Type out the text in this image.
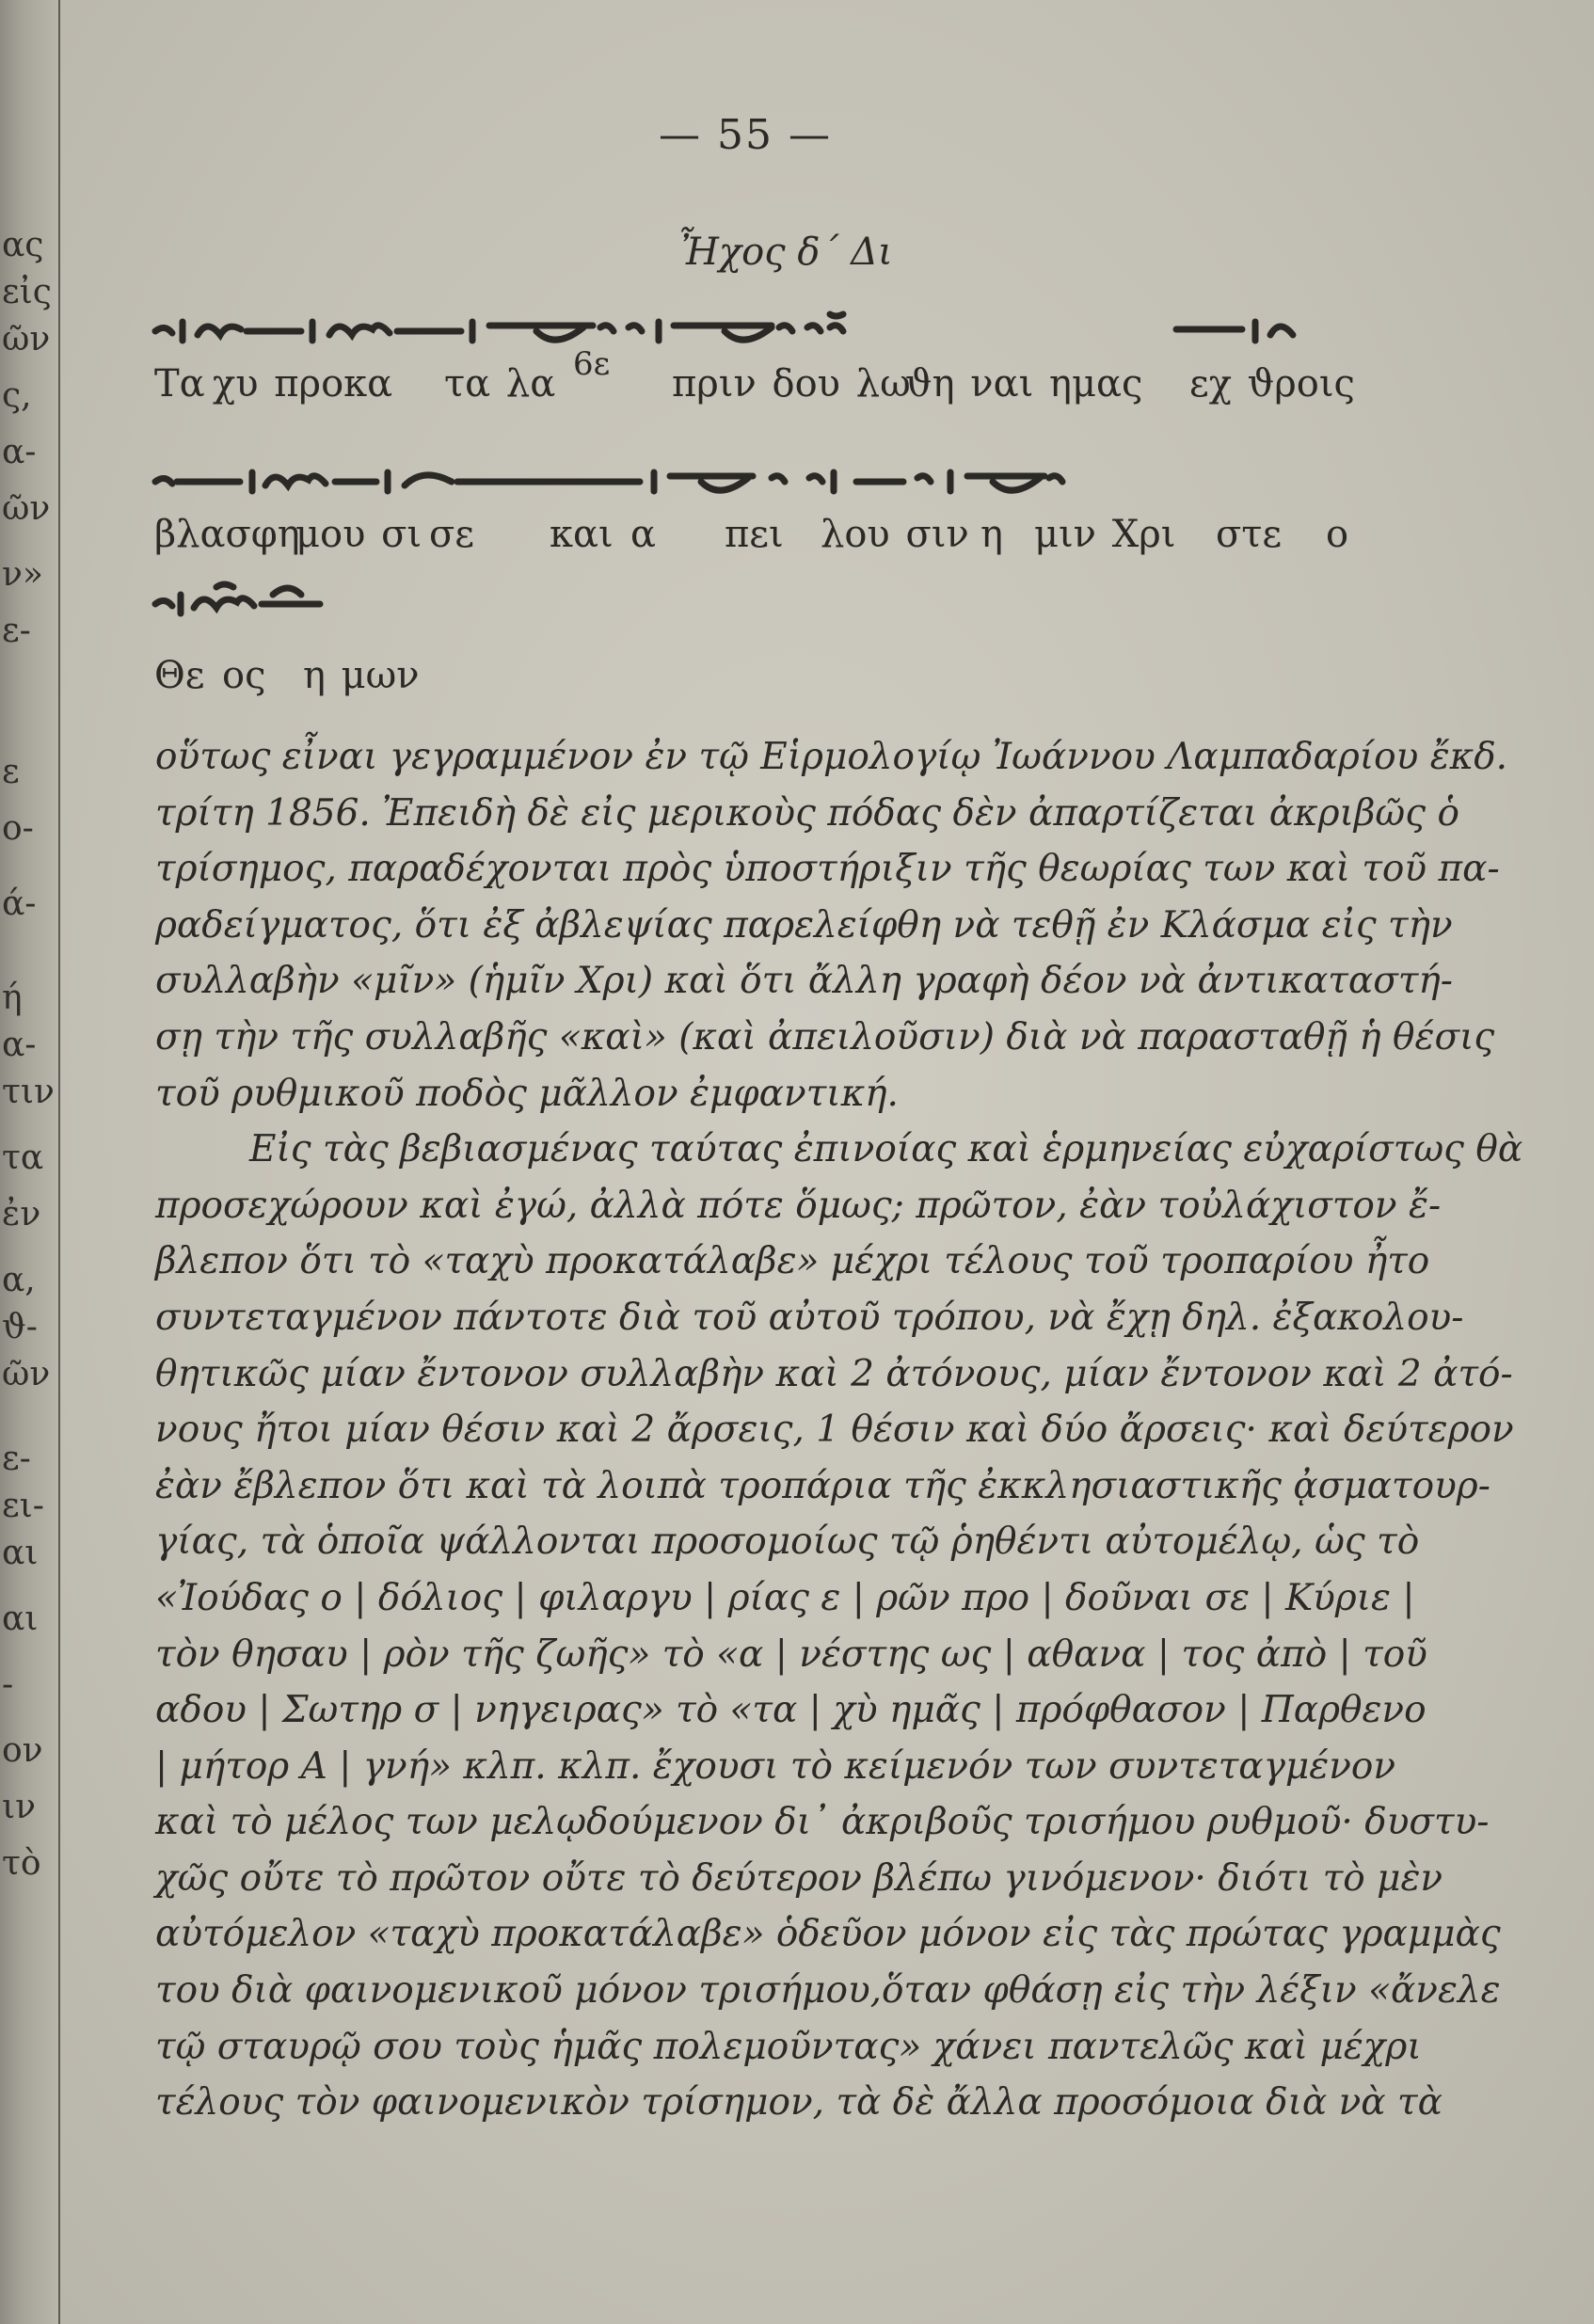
ας
εἰς
ῶν
ς,
α-
ῶν
ν»
ε-
ε
ο-
ά-
ή
α-
τιν
τα
ἐν
α,
ϑ-
ῶν
ε-
ει-
αι
αι
-
ον
ιν
τὸ
— 55 —
Ἦχος δ΄ Δι
Τα χυ προκα τα λα 6ε πριν δου λω
ϑη ναι ημας εχ ϑροις
βλασφη
μου σι σε και α πει λου σιν η μιν Χρι στε ο
Θε ος η μων
οὕτως εἶναι γεγραμμένον ἐν τῷ Εἱρμολογίῳ Ἰωάννου Λαμπαδαρίου ἔκδ.
τρίτη 1856. Ἐπειδὴ δὲ εἰς μερικοὺς πόδας δὲν ἀπαρτίζεται ἀκριβῶς ὁ
τρίσημος, παραδέχονται πρὸς ὑποστήριξιν τῆς θεωρίας των καὶ τοῦ πα-
ραδείγματος, ὅτι ἐξ ἀβλεψίας παρελείφθη νὰ τεθῇ ἐν Κλάσμα εἰς τὴν
συλλαβὴν «μῖν» (ἡμῖν Χρι) καὶ ὅτι ἄλλη γραφὴ δέον νὰ ἀντικαταστή-
σῃ τὴν τῆς συλλαβῆς «καὶ» (καὶ ἀπειλοῦσιν) διὰ νὰ παρασταθῇ ἡ θέσις
τοῦ ρυθμικοῦ ποδὸς μᾶλλον ἐμφαντική.
Εἰς τὰς βεβιασμένας ταύτας ἐπινοίας καὶ ἑρμηνείας εὐχαρίστως θὰ
προσεχώρουν καὶ ἐγώ, ἀλλὰ πότε ὅμως; πρῶτον, ἐὰν τοὐλάχιστον ἔ-
βλεπον ὅτι τὸ «ταχὺ προκατάλαβε» μέχρι τέλους τοῦ τροπαρίου ἦτο
συντεταγμένον πάντοτε διὰ τοῦ αὐτοῦ τρόπου, νὰ ἔχῃ δηλ. ἐξακολου-
θητικῶς μίαν ἔντονον συλλαβὴν καὶ 2 ἀτόνους, μίαν ἔντονον καὶ 2 ἀτό-
νους ἤτοι μίαν θέσιν καὶ 2 ἄρσεις, 1 θέσιν καὶ δύο ἄρσεις· καὶ δεύτερον
ἐὰν ἔβλεπον ὅτι καὶ τὰ λοιπὰ τροπάρια τῆς ἐκκλησιαστικῆς ᾀσματουρ-
γίας, τὰ ὁποῖα ψάλλονται προσομοίως τῷ ῥηθέντι αὐτομέλῳ, ὡς τὸ
«Ἰούδας ο | δόλιος | φιλαργυ | ρίας ε | ρῶν προ | δοῦναι σε | Κύριε |
τὸν θησαυ | ρὸν τῆς ζωῆς» τὸ «α | νέστης ως | αθανα | τος ἀπὸ | τοῦ
αδου | Σωτηρ σ | νηγειρας» τὸ «τα | χὺ ημᾶς | πρόφθασον | Παρθενο
| μήτορ Α | γνή» κλπ. κλπ. ἔχουσι τὸ κείμενόν των συντεταγμένον
καὶ τὸ μέλος των μελῳδούμενον δι᾽ ἀκριβοῦς τρισήμου ρυθμοῦ· δυστυ-
χῶς οὔτε τὸ πρῶτον οὔτε τὸ δεύτερον βλέπω γινόμενον· διότι τὸ μὲν
αὐτόμελον «ταχὺ προκατάλαβε» ὁδεῦον μόνον εἰς τὰς πρώτας γραμμὰς
του διὰ φαινομενικοῦ μόνον τρισήμου,ὅταν φθάσῃ εἰς τὴν λέξιν «ἄνελε
τῷ σταυρῷ σου τοὺς ἡμᾶς πολεμοῦντας» χάνει παντελῶς καὶ μέχρι
τέλους τὸν φαινομενικὸν τρίσημον, τὰ δὲ ἄλλα προσόμοια διὰ νὰ τὰ
